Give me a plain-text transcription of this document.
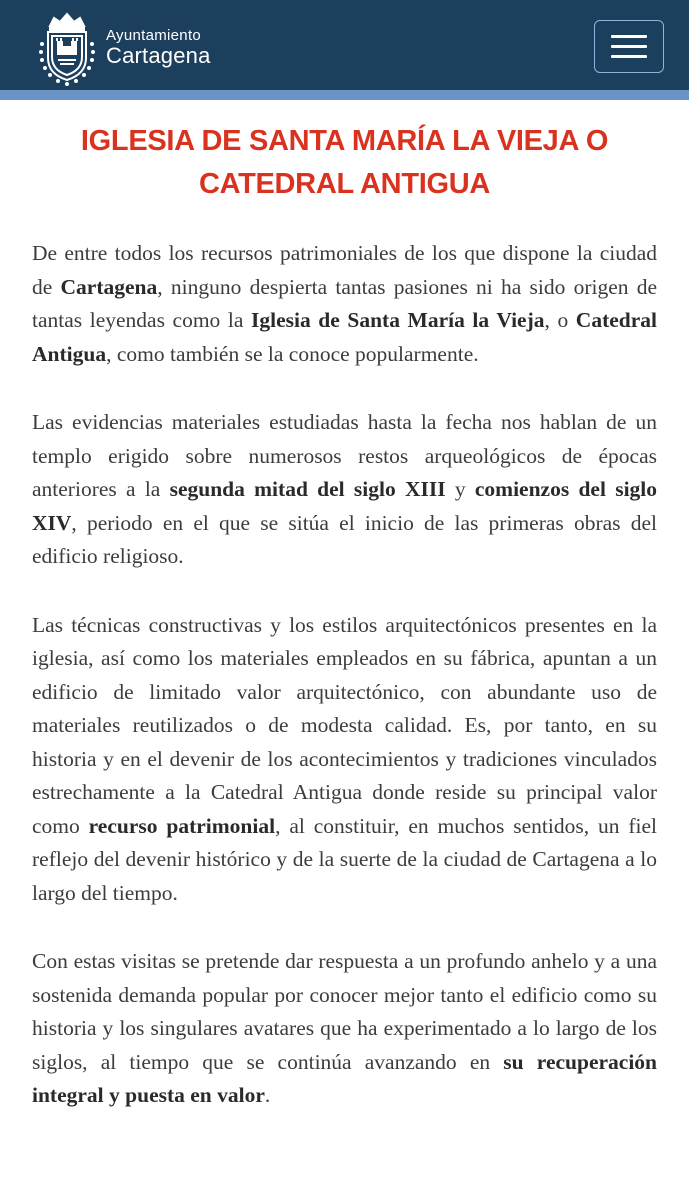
Ayuntamiento
Cartagena
IGLESIA DE SANTA MARÍA LA VIEJA O CATEDRAL ANTIGUA

De entre todos los recursos patrimoniales de los que dispone la ciudad de Cartagena, ninguno despierta tantas pasiones ni ha sido origen de tantas leyendas como la Iglesia de Santa María la Vieja, o Catedral Antigua, como también se la conoce popularmente.

Las evidencias materiales estudiadas hasta la fecha nos hablan de un templo erigido sobre numerosos restos arqueológicos de épocas anteriores a la segunda mitad del siglo XIII y comienzos del siglo XIV, periodo en el que se sitúa el inicio de las primeras obras del edificio religioso.

Las técnicas constructivas y los estilos arquitectónicos presentes en la iglesia, así como los materiales empleados en su fábrica, apuntan a un edificio de limitado valor arquitectónico, con abundante uso de materiales reutilizados o de modesta calidad. Es, por tanto, en su historia y en el devenir de los acontecimientos y tradiciones vinculados estrechamente a la Catedral Antigua donde reside su principal valor como recurso patrimonial, al constituir, en muchos sentidos, un fiel reflejo del devenir histórico y de la suerte de la ciudad de Cartagena a lo largo del tiempo.

Con estas visitas se pretende dar respuesta a un profundo anhelo y a una sostenida demanda popular por conocer mejor tanto el edificio como su historia y los singulares avatares que ha experimentado a lo largo de los siglos, al tiempo que se continúa avanzando en su recuperación integral y puesta en valor.
